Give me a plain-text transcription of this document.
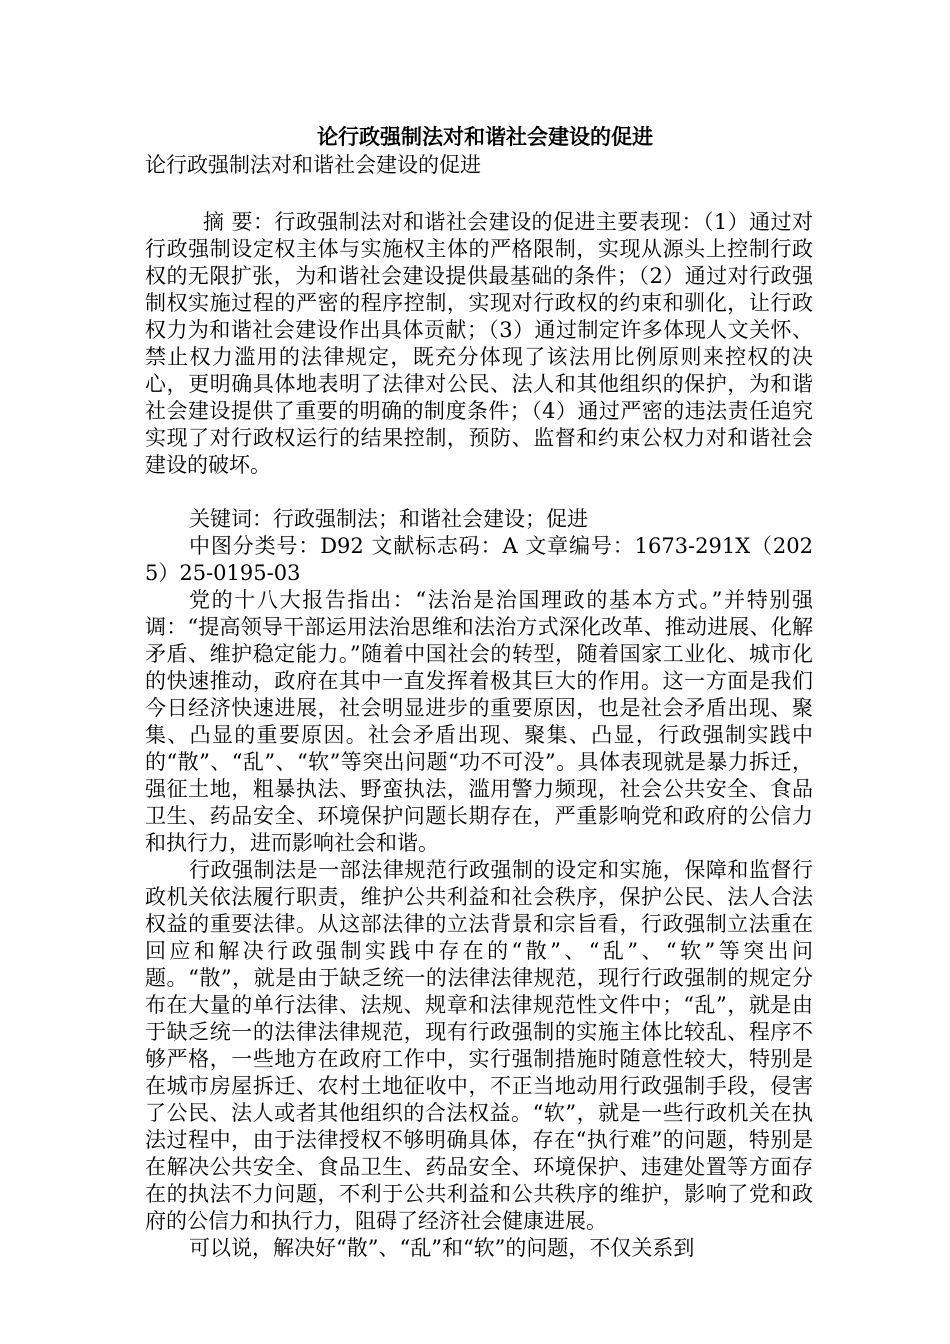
论行政强制法对和谐社会建设的促进
论行政强制法对和谐社会建设的促进

摘 要：行政强制法对和谐社会建设的促进主要表现：（1）通过对行政强制设定权主体与实施权主体的严格限制，实现从源头上控制行政权的无限扩张，为和谐社会建设提供最基础的条件；（2）通过对行政强制权实施过程的严密的程序控制，实现对行政权的约束和驯化，让行政权力为和谐社会建设作出具体贡献；（3）通过制定许多体现人文关怀、禁止权力滥用的法律规定，既充分体现了该法用比例原则来控权的决心，更明确具体地表明了法律对公民、法人和其他组织的保护，为和谐社会建设提供了重要的明确的制度条件；（4）通过严密的违法责任追究实现了对行政权运行的结果控制，预防、监督和约束公权力对和谐社会建设的破坏。

关键词：行政强制法；和谐社会建设；促进

中图分类号：D92 文献标志码：A 文章编号：1673-291X（2025）25-0195-03

党的十八大报告指出：“法治是治国理政的基本方式。”并特别强调：“提高领导干部运用法治思维和法治方式深化改革、推动进展、化解矛盾、维护稳定能力。”随着中国社会的转型，随着国家工业化、城市化的快速推动，政府在其中一直发挥着极其巨大的作用。这一方面是我们今日经济快速进展，社会明显进步的重要原因，也是社会矛盾出现、聚集、凸显的重要原因。社会矛盾出现、聚集、凸显，行政强制实践中的“散”、“乱”、“软”等突出问题“功不可没”。具体表现就是暴力拆迁，强征土地，粗暴执法、野蛮执法，滥用警力频现，社会公共安全、食品卫生、药品安全、环境保护问题长期存在，严重影响党和政府的公信力和执行力，进而影响社会和谐。

行政强制法是一部法律规范行政强制的设定和实施，保障和监督行政机关依法履行职责，维护公共利益和社会秩序，保护公民、法人合法权益的重要法律。从这部法律的立法背景和宗旨看，行政强制立法重在回应和解决行政强制实践中存在的“散”、“乱”、“软”等突出问题。“散”，就是由于缺乏统一的法律法律规范，现行行政强制的规定分布在大量的单行法律、法规、规章和法律规范性文件中；“乱”，就是由于缺乏统一的法律法律规范，现有行政强制的实施主体比较乱、程序不够严格，一些地方在政府工作中，实行强制措施时随意性较大，特别是在城市房屋拆迁、农村土地征收中，不正当地动用行政强制手段，侵害了公民、法人或者其他组织的合法权益。“软”，就是一些行政机关在执法过程中，由于法律授权不够明确具体，存在“执行难”的问题，特别是在解决公共安全、食品卫生、药品安全、环境保护、违建处置等方面存在的执法不力问题，不利于公共利益和公共秩序的维护，影响了党和政府的公信力和执行力，阻碍了经济社会健康进展。

可以说，解决好“散”、“乱”和“软”的问题，不仅关系到
